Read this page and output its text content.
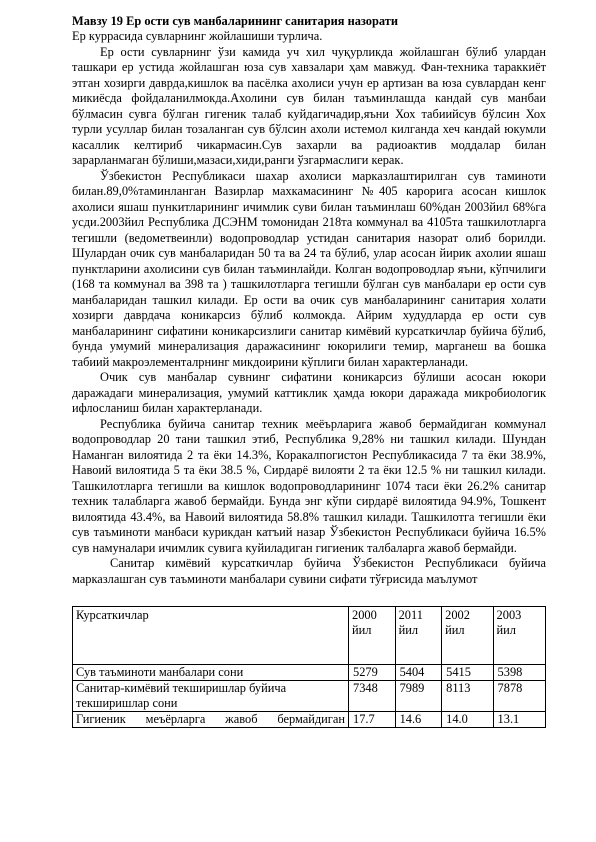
Мавзу 19 Ер ости сув манбаларининг санитария назорати

Ер куррасида сувларнинг жойлашиши турлича.

Ер ости сувларнинг ўзи камида уч хил чуқурликда жойлашган бўлиб улардан ташкари ер устида жойлашган юза сув хавзалари ҳам мавжуд. Фан-техника тараккиёт этган хозирги даврда,кишлок ва пасёлка ахолиси учун ер артизан ва юза сувлардан кенг микиёсда фойдаланилмокда.Ахолини сув билан таъминлашда кандай сув манбаи бўлмасин сувга бўлган гигеник талаб куйдагичадир,яъни Хох табиийсув бўлсин Хох турли усуллар билан тозаланган сув бўлсин ахоли истемол килганда хеч кандай юкумли касаллик келтириб чикармасин.Сув захарли ва радиоактив моддалар билан зарарланмаган бўлиши,мазаси,хиди,ранги ўзгармаслиги керак.

Ўзбекистон Республикаси шахар ахолиси марказлаштирилган сув таминоти билан.89,0%таминланган Вазирлар махкамасининг №405 карорига асосан кишлок ахолиси яшаш пункитларининг ичимлик суви билан таъминлаш 60%дан 2003йил 68%га усди.2003йил Республика ДСЭНМ томонидан 218та коммунал ва 4105та ташкилотларга тегишли (ведометвеинли) водопроводлар устидан санитария назорат олиб борилди. Шулардан очик сув манбаларидан 50 та ва 24 та бўлиб, улар асосан йирик ахолии яшаш пунктларини ахолисини сув билан таъминлайди. Колган водопроводлар яъни, кўпчилиги (168 та коммунал ва 398 та ) ташкилотларга тегишли бўлган сув манбалари ер ости сув манбаларидан ташкил килади. Ер ости ва очик сув манбаларининг санитария холати хозирги даврдача коникарсиз бўлиб колмокда. Айрим худудларда ер ости сув манбаларининг сифатини коникарсизлиги санитар кимёвий курсаткичлар буйича бўлиб, бунда умумий минерализация даражасининг юкорилиги темир, марганеш ва бошка табиий макроэлементалрнинг микдоирини кўплиги билан характерланади.

Очик сув манбалар сувнинг сифатини коникарсиз бўлиши асосан юкори даражадаги минерализация, умумий каттиклик ҳамда юкори даражада микробиологик ифлосланиш билан характерланади.

Республика буйича санитар техник меёърларига жавоб бермайдиган коммунал водопроводлар 20 тани ташкил этиб, Республика 9,28% ни ташкил килади. Шундан Наманган вилоятида 2 та ёки 14.3%, Коракалпогистон Республикасида 7 та ёки 38.9%, Навоий вилоятида 5 та ёки 38.5 %, Сирдарё вилояти 2 та ёки 12.5 % ни ташкил килади. Ташкилотларга тегишли ва кишлок водопроводларининг 1074 таси ёки 26.2% санитар техник талабларга жавоб бермайди. Бунда энг кўпи сирдарё вилоятида 94.9%, Тошкент вилоятида 43.4%, ва Навоий вилоятида 58.8% ташкил килади. Ташкилотга тегишли ёки сув таъминоти манбаси курикдан катъий назар Ўзбекистон Республикаси буйича 16.5% сув намуналари ичимлик сувига куйиладиган гигиеник талбаларга жавоб бермайди.

Санитар кимёвий курсаткичлар буйича Ўзбекистон Республикаси буйича марказлашган сув таъминоти манбалари сувини сифати тўғрисида маълумот

Курсаткичлар	2000 йил	2011 йил	2002 йил	2003 йил
Сув таъминоти манбалари сони	5279	5404	5415	5398
Санитар-кимёвий текширишлар буйича текширишлар сони	7348	7989	8113	7878
Гигиеник меъёрларга жавоб бермайдиган	17.7	14.6	14.0	13.1
